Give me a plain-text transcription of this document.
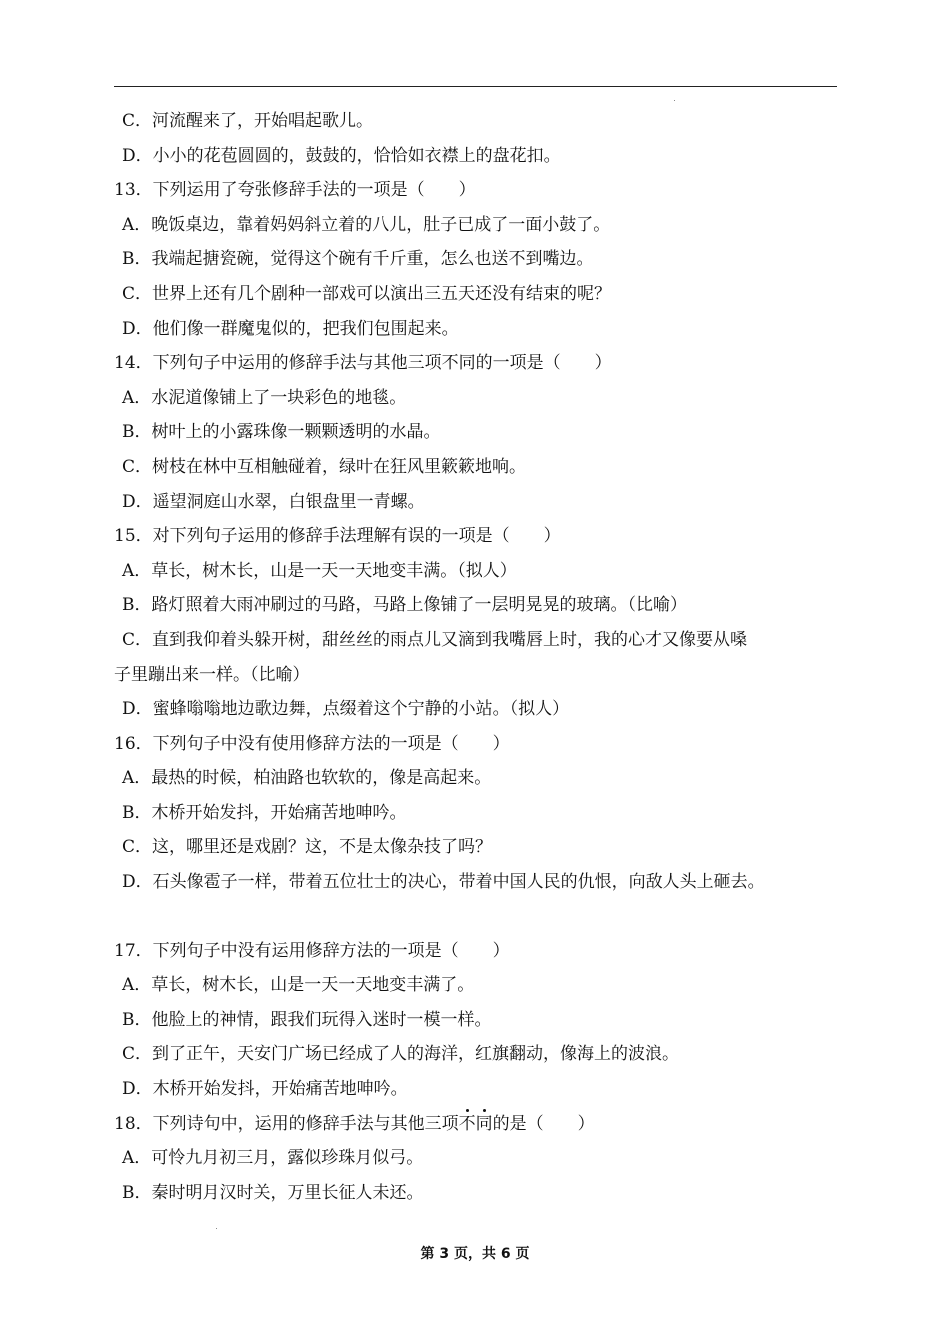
C．河流醒来了，开始唱起歌儿。
D．小小的花苞圆圆的，鼓鼓的，恰恰如衣襟上的盘花扣。
13．下列运用了夸张修辞手法的一项是（　　）
A．晚饭桌边，靠着妈妈斜立着的八儿，肚子已成了一面小鼓了。
B．我端起搪瓷碗，觉得这个碗有千斤重，怎么也送不到嘴边。
C．世界上还有几个剧种一部戏可以演出三五天还没有结束的呢？
D．他们像一群魔鬼似的，把我们包围起来。
14．下列句子中运用的修辞手法与其他三项不同的一项是（　　）
A．水泥道像铺上了一块彩色的地毯。
B．树叶上的小露珠像一颗颗透明的水晶。
C．树枝在林中互相触碰着，绿叶在狂风里簌簌地响。
D．遥望洞庭山水翠，白银盘里一青螺。
15．对下列句子运用的修辞手法理解有误的一项是（　　）
A．草长，树木长，山是一天一天地变丰满。（拟人）
B．路灯照着大雨冲刷过的马路，马路上像铺了一层明晃晃的玻璃。（比喻）
C．直到我仰着头躲开树，甜丝丝的雨点儿又滴到我嘴唇上时，我的心才又像要从嗓
子里蹦出来一样。（比喻）
D．蜜蜂嗡嗡地边歌边舞，点缀着这个宁静的小站。（拟人）
16．下列句子中没有使用修辞方法的一项是（　　）
A．最热的时候，柏油路也软软的，像是高起来。
B．木桥开始发抖，开始痛苦地呻吟。
C．这，哪里还是戏剧？这，不是太像杂技了吗？
D．石头像雹子一样，带着五位壮士的决心，带着中国人民的仇恨，向敌人头上砸去。
17．下列句子中没有运用修辞方法的一项是（　　）
A．草长，树木长，山是一天一天地变丰满了。
B．他脸上的神情，跟我们玩得入迷时一模一样。
C．到了正午，天安门广场已经成了人的海洋，红旗翻动，像海上的波浪。
D．木桥开始发抖，开始痛苦地呻吟。
18．下列诗句中，运用的修辞手法与其他三项不同的是（　　）
A．可怜九月初三月，露似珍珠月似弓。
B．秦时明月汉时关，万里长征人未还。
第 3 页，共 6 页
